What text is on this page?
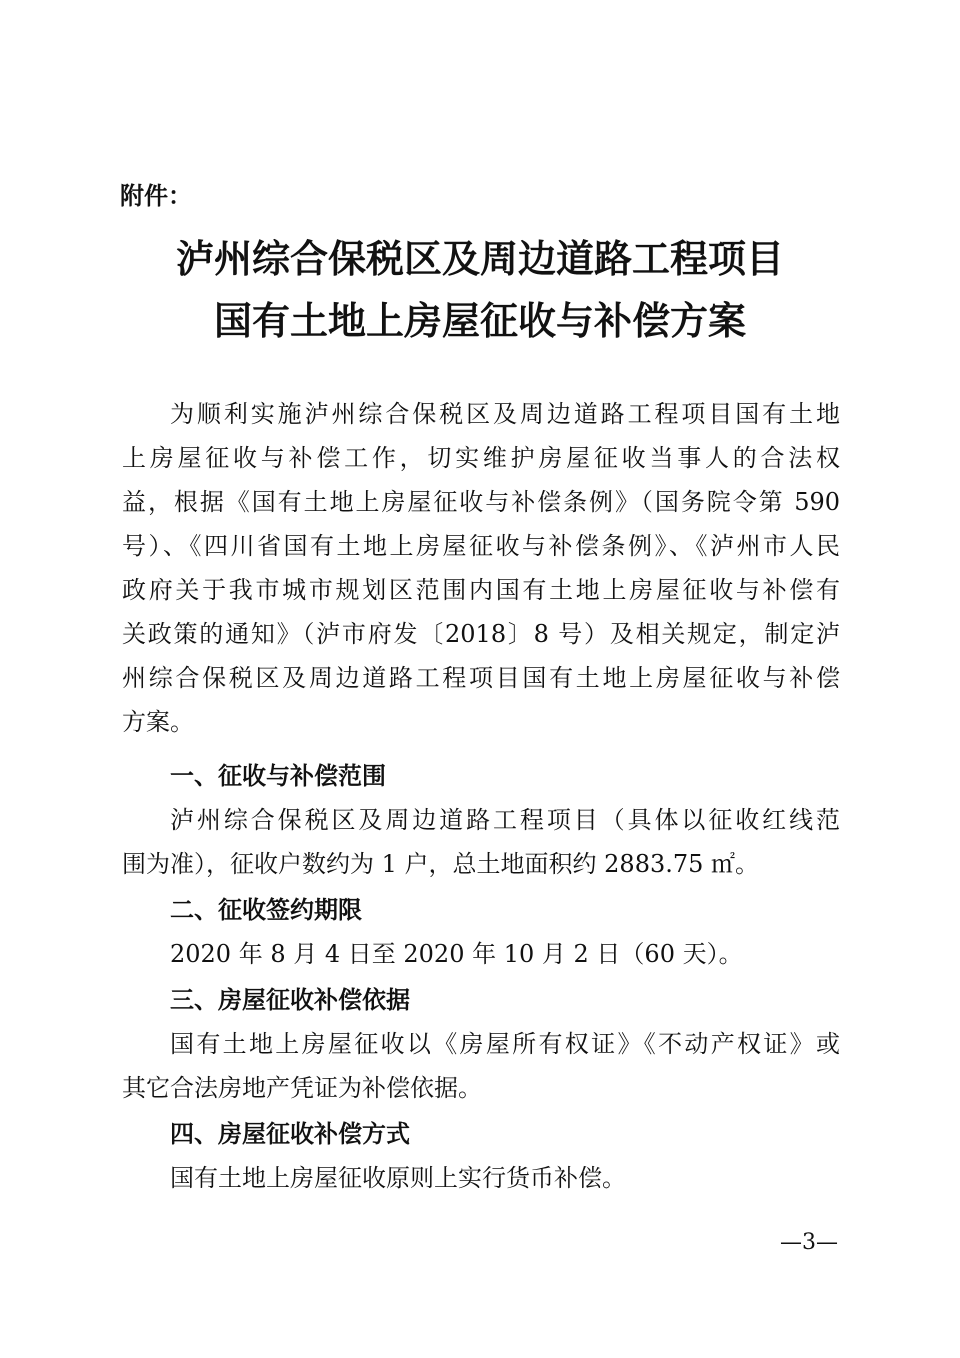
附件：
泸州综合保税区及周边道路工程项目
国有土地上房屋征收与补偿方案
为顺利实施泸州综合保税区及周边道路工程项目国有土地
上房屋征收与补偿工作，切实维护房屋征收当事人的合法权
益，根据《国有土地上房屋征收与补偿条例》（国务院令第 590
号）、《四川省国有土地上房屋征收与补偿条例》、《泸州市人民
政府关于我市城市规划区范围内国有土地上房屋征收与补偿有
关政策的通知》（泸市府发〔2018〕8 号）及相关规定，制定泸
州综合保税区及周边道路工程项目国有土地上房屋征收与补偿
方案。
一、征收与补偿范围
泸州综合保税区及周边道路工程项目（具体以征收红线范
围为准），征收户数约为 1 户，总土地面积约 2883.75 ㎡。
二、征收签约期限
2020 年 8 月 4 日至 2020 年 10 月 2 日（60 天）。
三、房屋征收补偿依据
国有土地上房屋征收以《房屋所有权证》《不动产权证》或
其它合法房地产凭证为补偿依据。
四、房屋征收补偿方式
国有土地上房屋征收原则上实行货币补偿。
—3—
